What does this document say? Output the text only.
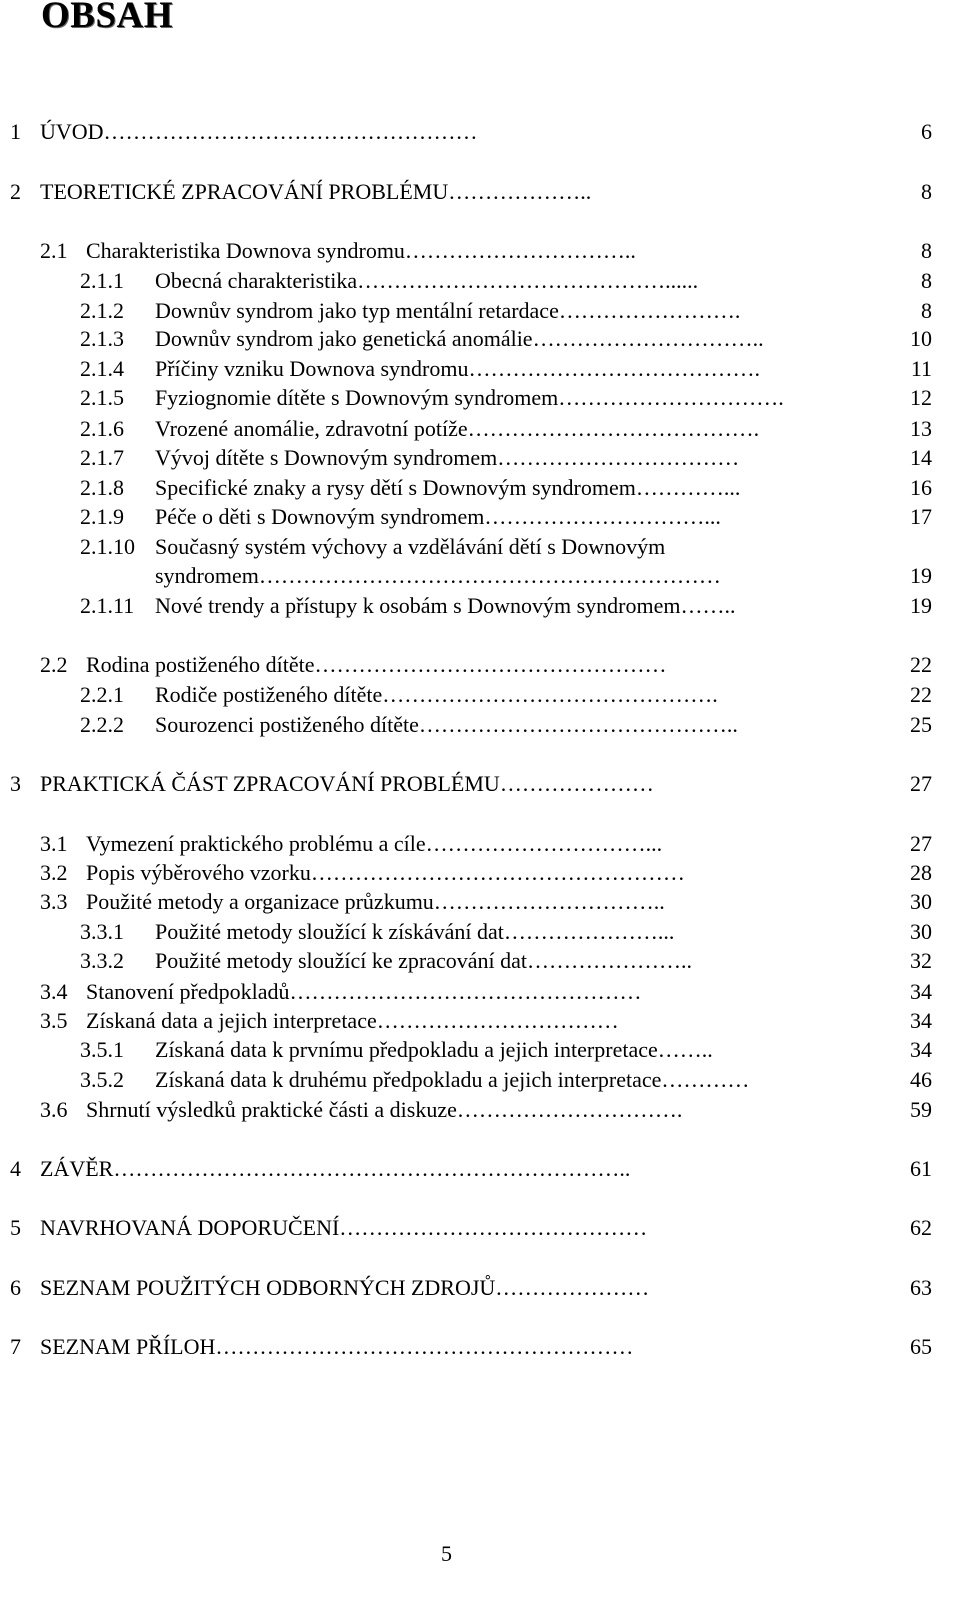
OBSAH
1 ÚVOD……………………………………………	6
2 TEORETICKÉ ZPRACOVÁNÍ PROBLÉMU………………..	8
2.1 Charakteristika Downova syndromu…………………………..	8
2.1.1 Obecná charakteristika……………………………………......	8
2.1.2 Downův syndrom jako typ mentální retardace…………………….	8
2.1.3 Downův syndrom jako genetická anomálie…………………………..	10
2.1.4 Příčiny vzniku Downova syndromu………………………………….	11
2.1.5 Fyziognomie dítěte s Downovým syndromem………………………….	12
2.1.6 Vrozené anomálie, zdravotní potíže………………………………….	13
2.1.7 Vývoj dítěte s Downovým syndromem……………………………	14
2.1.8 Specifické znaky a rysy dětí s Downovým syndromem…………...	16
2.1.9 Péče o děti s Downovým syndromem…………………………...	17
2.1.10 Současný systém výchovy a vzdělávání dětí s Downovým
syndromem………………………………………………………	19
2.1.11 Nové trendy a přístupy k osobám s Downovým syndromem……..	19
2.2 Rodina postiženého dítěte…………………………………………	22
2.2.1 Rodiče postiženého dítěte……………………………………….	22
2.2.2 Sourozenci postiženého dítěte……………………………………..	25
3 PRAKTICKÁ ČÁST ZPRACOVÁNÍ PROBLÉMU…………………	27
3.1 Vymezení praktického problému a cíle…………………………...	27
3.2 Popis výběrového vzorku……………………………………………	28
3.3 Použité metody a organizace průzkumu…………………………..	30
3.3.1 Použité metody sloužící k získávání dat…………………...	30
3.3.2 Použité metody sloužící ke zpracování dat…………………..	32
3.4 Stanovení předpokladů…………………………………………	34
3.5 Získaná data a jejich interpretace……………………………	34
3.5.1 Získaná data k prvnímu předpokladu a jejich interpretace……..	34
3.5.2 Získaná data k druhému předpokladu a jejich interpretace…………	46
3.6 Shrnutí výsledků praktické části a diskuze………………………….	59
4 ZÁVĚR……………………………………………………………..	61
5 NAVRHOVANÁ DOPORUČENÍ……………………………………	62
6 SEZNAM POUŽITÝCH ODBORNÝCH ZDROJŮ…………………	63
7 SEZNAM PŘÍLOH…………………………………………………	65
5
